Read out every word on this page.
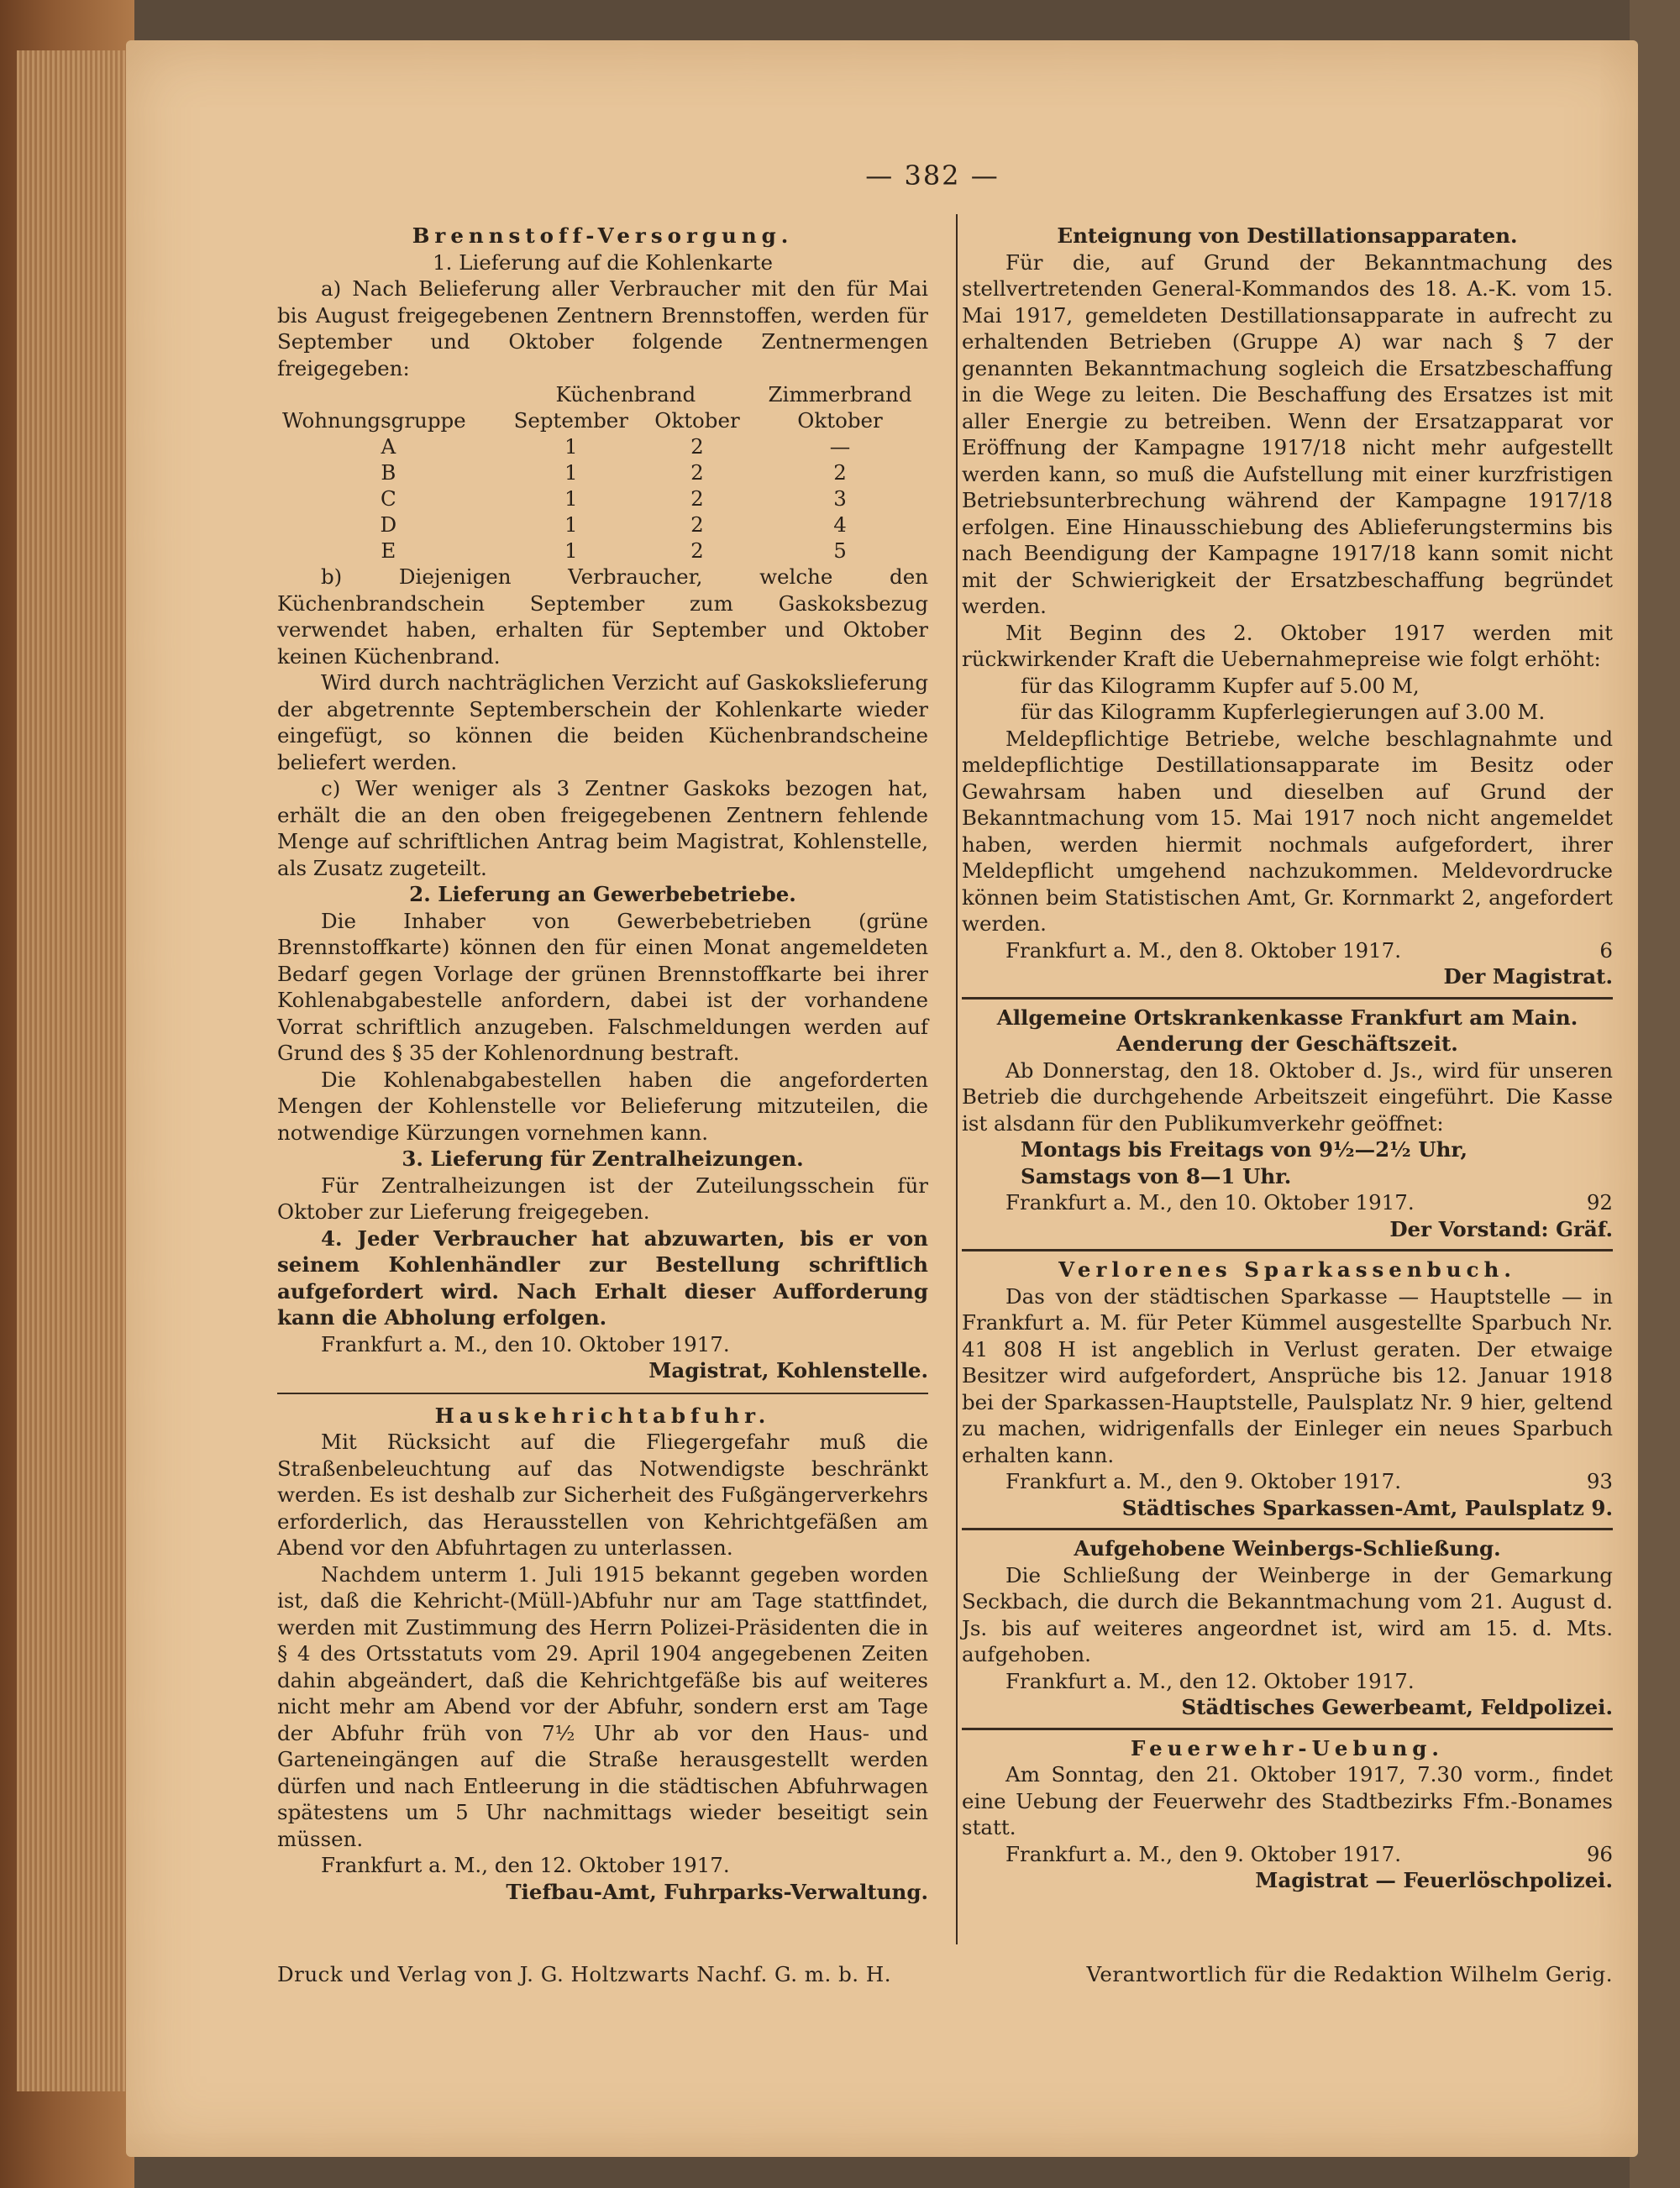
— 382 —

Brennstoff-Versorgung.

1. Lieferung auf die Kohlenkarte

a) Nach Belieferung aller Verbraucher mit den für Mai bis August freigegebenen Zentnern Brennstoffen, werden für September und Oktober folgende Zentnermengen freigegeben:

	Küchenbrand		Zimmerbrand
Wohnungsgruppe	September	Oktober	Oktober
A	1	2	—
B	1	2	2
C	1	2	3
D	1	2	4
E	1	2	5

b) Diejenigen Verbraucher, welche den Küchenbrandschein September zum Gaskoksbezug verwendet haben, erhalten für September und Oktober keinen Küchenbrand.

Wird durch nachträglichen Verzicht auf Gaskokslieferung der abgetrennte Septemberschein der Kohlenkarte wieder eingefügt, so können die beiden Küchenbrandscheine beliefert werden.

c) Wer weniger als 3 Zentner Gaskoks bezogen hat, erhält die an den oben freigegebenen Zentnern fehlende Menge auf schriftlichen Antrag beim Magistrat, Kohlenstelle, als Zusatz zugeteilt.

2. Lieferung an Gewerbebetriebe.

Die Inhaber von Gewerbebetrieben (grüne Brennstoffkarte) können den für einen Monat angemeldeten Bedarf gegen Vorlage der grünen Brennstoffkarte bei ihrer Kohlenabgabestelle anfordern, dabei ist der vorhandene Vorrat schriftlich anzugeben. Falschmeldungen werden auf Grund des § 35 der Kohlenordnung bestraft.

Die Kohlenabgabestellen haben die angeforderten Mengen der Kohlenstelle vor Belieferung mitzuteilen, die notwendige Kürzungen vornehmen kann.

3. Lieferung für Zentralheizungen.

Für Zentralheizungen ist der Zuteilungsschein für Oktober zur Lieferung freigegeben.

4. Jeder Verbraucher hat abzuwarten, bis er von seinem Kohlenhändler zur Bestellung schriftlich aufgefordert wird. Nach Erhalt dieser Aufforderung kann die Abholung erfolgen.

Frankfurt a. M., den 10. Oktober 1917.

Magistrat, Kohlenstelle.

Hauskehrichtabfuhr.

Mit Rücksicht auf die Fliegergefahr muß die Straßenbeleuchtung auf das Notwendigste beschränkt werden. Es ist deshalb zur Sicherheit des Fußgängerverkehrs erforderlich, das Herausstellen von Kehrichtgefäßen am Abend vor den Abfuhrtagen zu unterlassen.

Nachdem unterm 1. Juli 1915 bekannt gegeben worden ist, daß die Kehricht-(Müll-)Abfuhr nur am Tage stattfindet, werden mit Zustimmung des Herrn Polizei-Präsidenten die in § 4 des Ortsstatuts vom 29. April 1904 angegebenen Zeiten dahin abgeändert, daß die Kehrichtgefäße bis auf weiteres nicht mehr am Abend vor der Abfuhr, sondern erst am Tage der Abfuhr früh von 7½ Uhr ab vor den Haus- und Garteneingängen auf die Straße herausgestellt werden dürfen und nach Entleerung in die städtischen Abfuhrwagen spätestens um 5 Uhr nachmittags wieder beseitigt sein müssen.

Frankfurt a. M., den 12. Oktober 1917.

Tiefbau-Amt, Fuhrparks-Verwaltung.

Enteignung von Destillationsapparaten.

Für die, auf Grund der Bekanntmachung des stellvertretenden General-Kommandos des 18. A.-K. vom 15. Mai 1917, gemeldeten Destillationsapparate in aufrecht zu erhaltenden Betrieben (Gruppe A) war nach § 7 der genannten Bekanntmachung sogleich die Ersatzbeschaffung in die Wege zu leiten. Die Beschaffung des Ersatzes ist mit aller Energie zu betreiben. Wenn der Ersatzapparat vor Eröffnung der Kampagne 1917/18 nicht mehr aufgestellt werden kann, so muß die Aufstellung mit einer kurzfristigen Betriebsunterbrechung während der Kampagne 1917/18 erfolgen. Eine Hinausschiebung des Ablieferungstermins bis nach Beendigung der Kampagne 1917/18 kann somit nicht mit der Schwierigkeit der Ersatzbeschaffung begründet werden.

Mit Beginn des 2. Oktober 1917 werden mit rückwirkender Kraft die Uebernahmepreise wie folgt erhöht:

für das Kilogramm Kupfer auf 5.00 M,

für das Kilogramm Kupferlegierungen auf 3.00 M.

Meldepflichtige Betriebe, welche beschlagnahmte und meldepflichtige Destillationsapparate im Besitz oder Gewahrsam haben und dieselben auf Grund der Bekanntmachung vom 15. Mai 1917 noch nicht angemeldet haben, werden hiermit nochmals aufgefordert, ihrer Meldepflicht umgehend nachzukommen. Meldevordrucke können beim Statistischen Amt, Gr. Kornmarkt 2, angefordert werden.

Frankfurt a. M., den 8. Oktober 1917.	6

Der Magistrat.

Allgemeine Ortskrankenkasse Frankfurt am Main.

Aenderung der Geschäftszeit.

Ab Donnerstag, den 18. Oktober d. Js., wird für unseren Betrieb die durchgehende Arbeitszeit eingeführt. Die Kasse ist alsdann für den Publikumverkehr geöffnet:

Montags bis Freitags von 9½—2½ Uhr,

Samstags von 8—1 Uhr.

Frankfurt a. M., den 10. Oktober 1917.	92

Der Vorstand: Gräf.

Verlorenes Sparkassenbuch.

Das von der städtischen Sparkasse — Hauptstelle — in Frankfurt a. M. für Peter Kümmel ausgestellte Sparbuch Nr. 41 808 H ist angeblich in Verlust geraten. Der etwaige Besitzer wird aufgefordert, Ansprüche bis 12. Januar 1918 bei der Sparkassen-Hauptstelle, Paulsplatz Nr. 9 hier, geltend zu machen, widrigenfalls der Einleger ein neues Sparbuch erhalten kann.

Frankfurt a. M., den 9. Oktober 1917.	93

Städtisches Sparkassen-Amt, Paulsplatz 9.

Aufgehobene Weinbergs-Schließung.

Die Schließung der Weinberge in der Gemarkung Seckbach, die durch die Bekanntmachung vom 21. August d. Js. bis auf weiteres angeordnet ist, wird am 15. d. Mts. aufgehoben.

Frankfurt a. M., den 12. Oktober 1917.

Städtisches Gewerbeamt, Feldpolizei.

Feuerwehr-Uebung.

Am Sonntag, den 21. Oktober 1917, 7.30 vorm., findet eine Uebung der Feuerwehr des Stadtbezirks Ffm.-Bonames statt.

Frankfurt a. M., den 9. Oktober 1917.	96

Magistrat — Feuerlöschpolizei.

Druck und Verlag von J. G. Holtzwarts Nachf. G. m. b. H.	Verantwortlich für die Redaktion Wilhelm Gerig.
